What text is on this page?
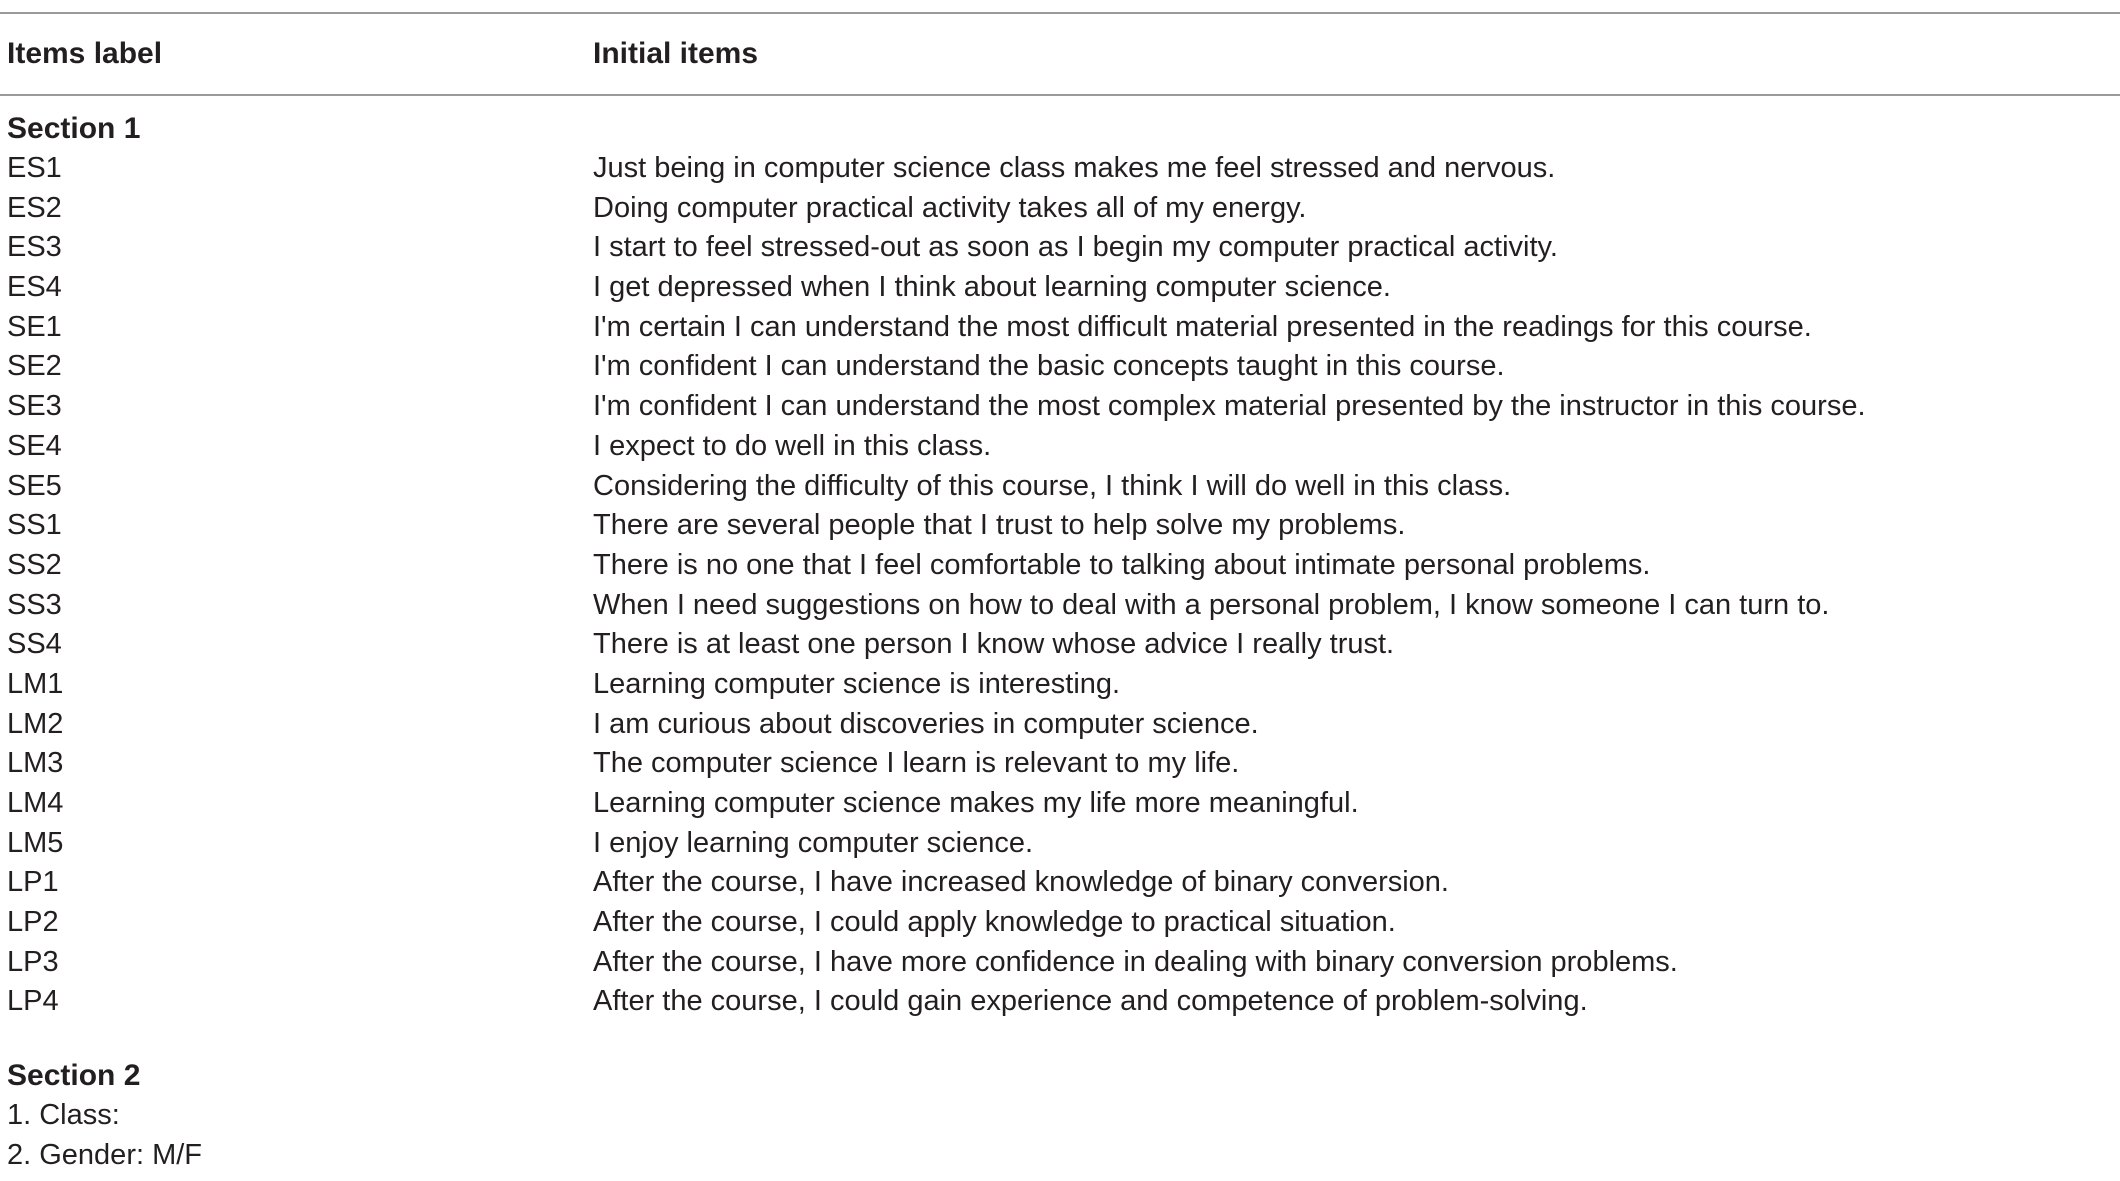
Items label	Initial items
Section 1
ES1	Just being in computer science class makes me feel stressed and nervous.
ES2	Doing computer practical activity takes all of my energy.
ES3	I start to feel stressed-out as soon as I begin my computer practical activity.
ES4	I get depressed when I think about learning computer science.
SE1	I'm certain I can understand the most difficult material presented in the readings for this course.
SE2	I'm confident I can understand the basic concepts taught in this course.
SE3	I'm confident I can understand the most complex material presented by the instructor in this course.
SE4	I expect to do well in this class.
SE5	Considering the difficulty of this course, I think I will do well in this class.
SS1	There are several people that I trust to help solve my problems.
SS2	There is no one that I feel comfortable to talking about intimate personal problems.
SS3	When I need suggestions on how to deal with a personal problem, I know someone I can turn to.
SS4	There is at least one person I know whose advice I really trust.
LM1	Learning computer science is interesting.
LM2	I am curious about discoveries in computer science.
LM3	The computer science I learn is relevant to my life.
LM4	Learning computer science makes my life more meaningful.
LM5	I enjoy learning computer science.
LP1	After the course, I have increased knowledge of binary conversion.
LP2	After the course, I could apply knowledge to practical situation.
LP3	After the course, I have more confidence in dealing with binary conversion problems.
LP4	After the course, I could gain experience and competence of problem-solving.
Section 2
1. Class:
2. Gender: M/F
